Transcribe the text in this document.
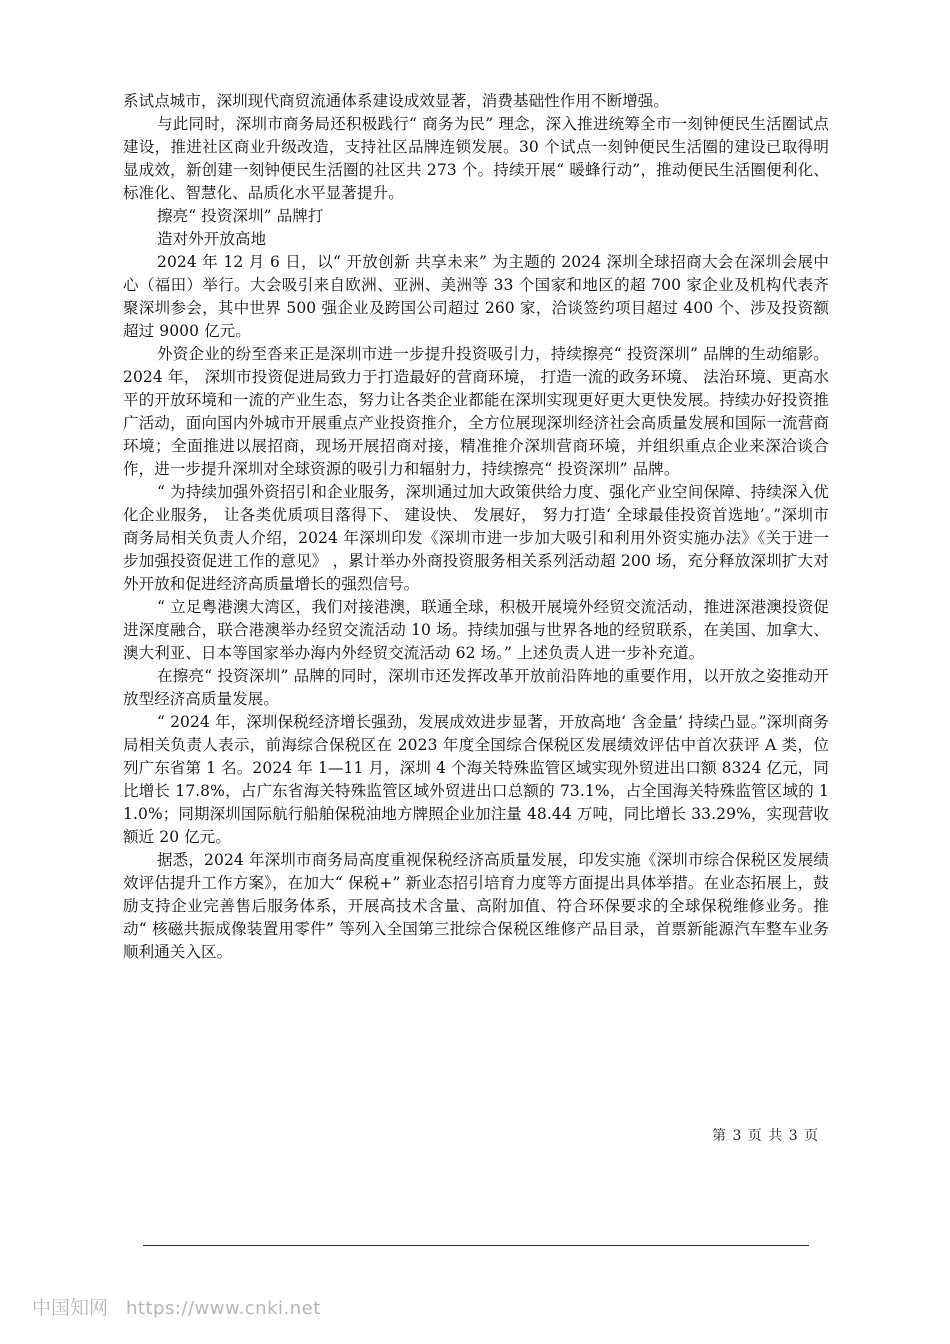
系试点城市，深圳现代商贸流通体系建设成效显著，消费基础性作用不断增强。

与此同时，深圳市商务局还积极践行“ 商务为民” 理念，深入推进统筹全市一刻钟便民生活圈试点建设，推进社区商业升级改造，支持社区品牌连锁发展。30 个试点一刻钟便民生活圈的建设已取得明显成效，新创建一刻钟便民生活圈的社区共 273 个。持续开展“ 暖蜂行动”，推动便民生活圈便利化、标准化、智慧化、品质化水平显著提升。

擦亮“ 投资深圳” 品牌打

造对外开放高地

2024 年 12 月 6 日，以“ 开放创新 共享未来” 为主题的 2024 深圳全球招商大会在深圳会展中心（福田）举行。大会吸引来自欧洲、亚洲、美洲等 33 个国家和地区的超 700 家企业及机构代表齐聚深圳参会，其中世界 500 强企业及跨国公司超过 260 家，洽谈签约项目超过 400 个、涉及投资额超过 9000 亿元。

外资企业的纷至沓来正是深圳市进一步提升投资吸引力，持续擦亮“ 投资深圳” 品牌的生动缩影。 2024 年， 深圳市投资促进局致力于打造最好的营商环境， 打造一流的政务环境、 法治环境、更高水平的开放环境和一流的产业生态，努力让各类企业都能在深圳实现更好更大更快发展。持续办好投资推广活动，面向国内外城市开展重点产业投资推介，全方位展现深圳经济社会高质量发展和国际一流营商环境；全面推进以展招商，现场开展招商对接，精准推介深圳营商环境，并组织重点企业来深洽谈合作，进一步提升深圳对全球资源的吸引力和辐射力，持续擦亮“ 投资深圳” 品牌。

“ 为持续加强外资招引和企业服务，深圳通过加大政策供给力度、强化产业空间保障、持续深入优化企业服务， 让各类优质项目落得下、 建设快、 发展好， 努力打造‘ 全球最佳投资首选地’。”深圳市商务局相关负责人介绍，2024 年深圳印发《深圳市进一步加大吸引和利用外资实施办法》《关于进一步加强投资促进工作的意见》 ，累计举办外商投资服务相关系列活动超 200 场，充分释放深圳扩大对外开放和促进经济高质量增长的强烈信号。

“ 立足粤港澳大湾区，我们对接港澳，联通全球，积极开展境外经贸交流活动，推进深港澳投资促进深度融合，联合港澳举办经贸交流活动 10 场。持续加强与世界各地的经贸联系，在美国、加拿大、澳大利亚、日本等国家举办海内外经贸交流活动 62 场。” 上述负责人进一步补充道。

在擦亮“ 投资深圳” 品牌的同时，深圳市还发挥改革开放前沿阵地的重要作用，以开放之姿推动开放型经济高质量发展。

“ 2024 年，深圳保税经济增长强劲，发展成效进步显著，开放高地‘ 含金量’ 持续凸显。”深圳商务局相关负责人表示，前海综合保税区在 2023 年度全国综合保税区发展绩效评估中首次获评 A 类，位列广东省第 1 名。2024 年 1—11 月，深圳 4 个海关特殊监管区域实现外贸进出口额 8324 亿元，同比增长 17.8%，占广东省海关特殊监管区域外贸进出口总额的 73.1%，占全国海关特殊监管区域的 11.0%；同期深圳国际航行船舶保税油地方牌照企业加注量 48.44 万吨，同比增长 33.29%，实现营收额近 20 亿元。

据悉，2024 年深圳市商务局高度重视保税经济高质量发展，印发实施《深圳市综合保税区发展绩效评估提升工作方案》，在加大“ 保税+” 新业态招引培育力度等方面提出具体举措。在业态拓展上，鼓励支持企业完善售后服务体系，开展高技术含量、高附加值、符合环保要求的全球保税维修业务。推动“ 核磁共振成像装置用零件” 等列入全国第三批综合保税区维修产品目录，首票新能源汽车整车业务顺利通关入区。

第 3 页 共 3 页
中国知网 https://www.cnki.net
